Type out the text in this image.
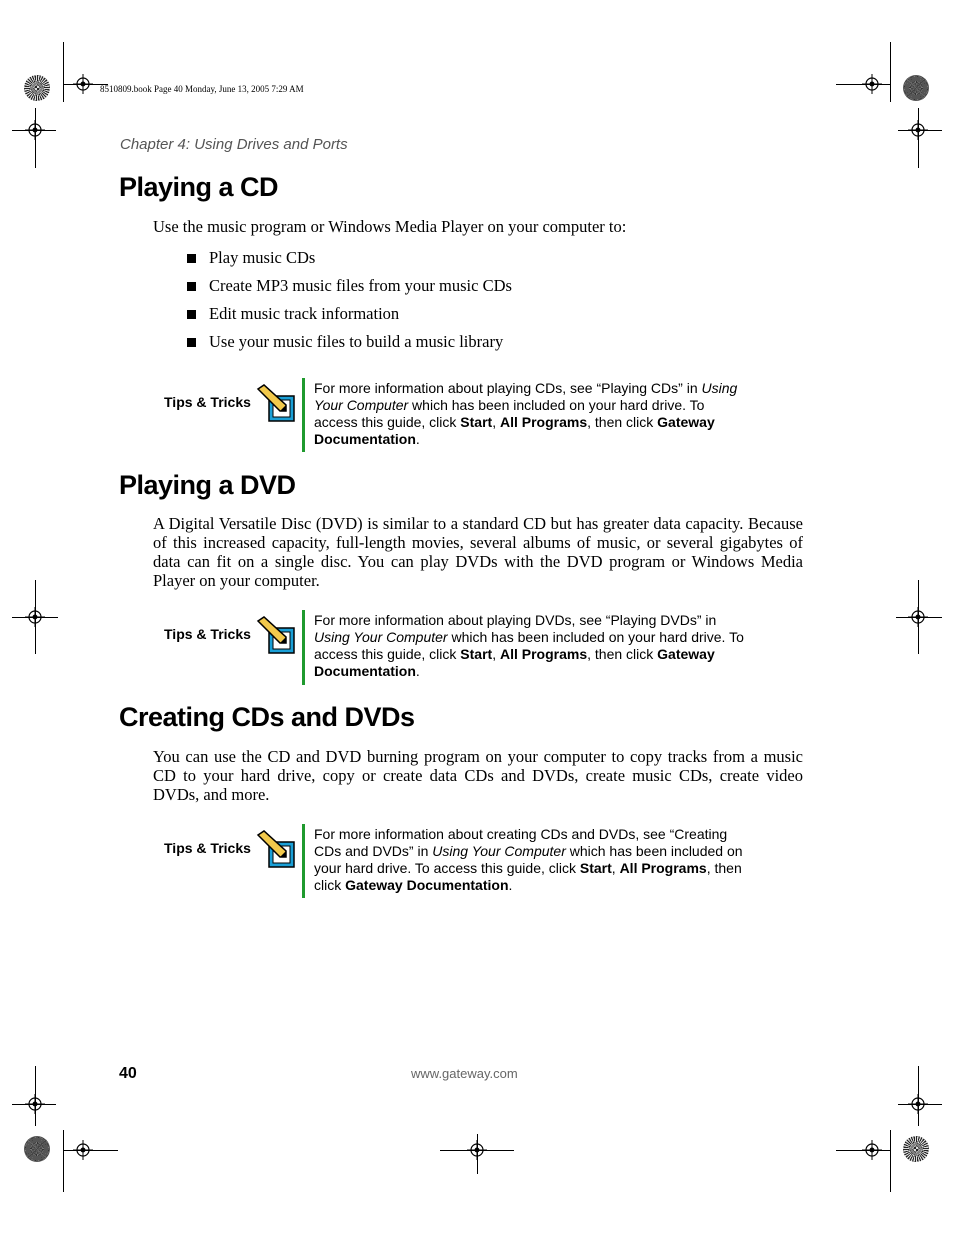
8510809.book Page 40 Monday, June 13, 2005 7:29 AM
Chapter 4: Using Drives and Ports
Playing a CD
Use the music program or Windows Media Player on your computer to:
Play music CDs
Create MP3 music files from your music CDs
Edit music track information
Use your music files to build a music library
Tips & Tricks
For more information about playing CDs, see “Playing CDs” in Using Your Computer which has been included on your hard drive. To access this guide, click Start, All Programs, then click Gateway Documentation.
Playing a DVD
A Digital Versatile Disc (DVD) is similar to a standard CD but has greater data capacity. Because of this increased capacity, full-length movies, several albums of music, or several gigabytes of data can fit on a single disc. You can play DVDs with the DVD program or Windows Media Player on your computer.
Tips & Tricks
For more information about playing DVDs, see “Playing DVDs” in Using Your Computer which has been included on your hard drive. To access this guide, click Start, All Programs, then click Gateway Documentation.
Creating CDs and DVDs
You can use the CD and DVD burning program on your computer to copy tracks from a music CD to your hard drive, copy or create data CDs and DVDs, create music CDs, create video DVDs, and more.
Tips & Tricks
For more information about creating CDs and DVDs, see “Creating CDs and DVDs” in Using Your Computer which has been included on your hard drive. To access this guide, click Start, All Programs, then click Gateway Documentation.
40	www.gateway.com
